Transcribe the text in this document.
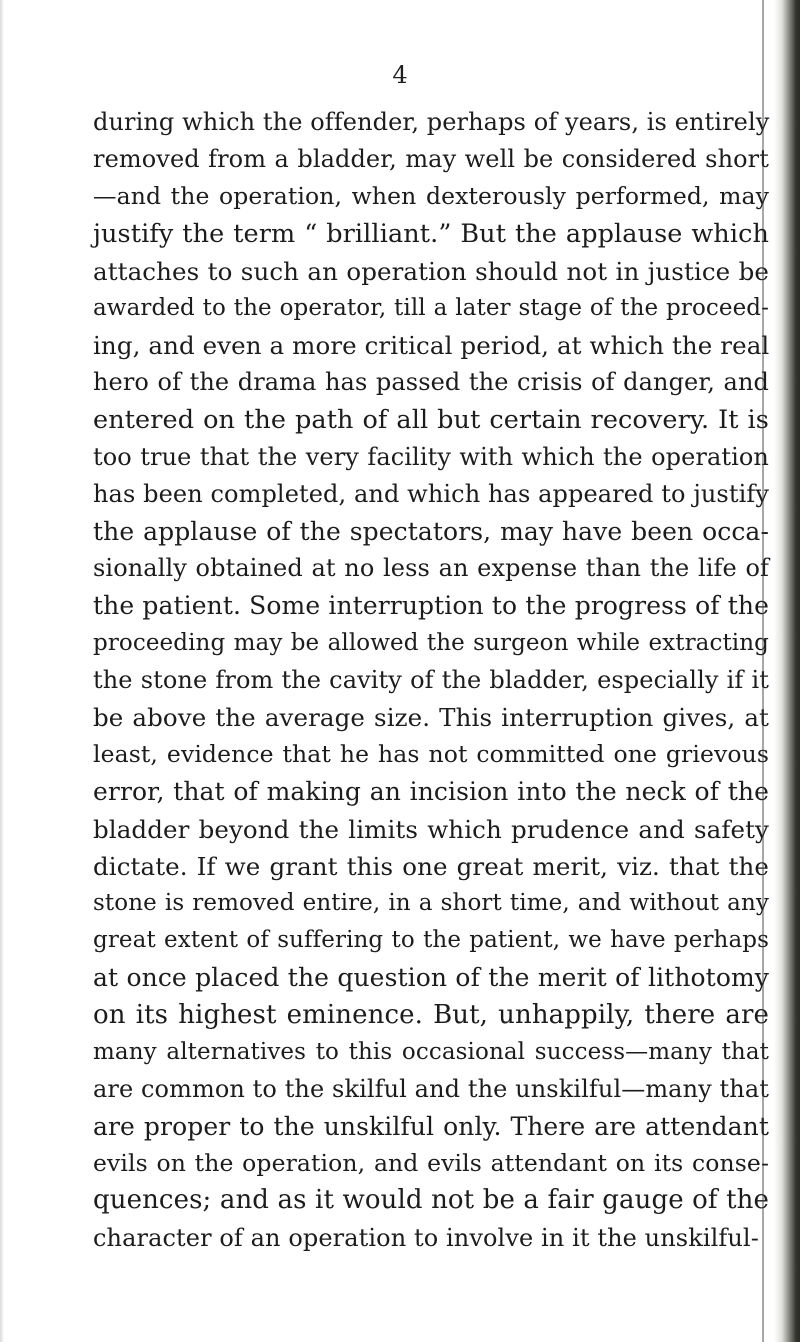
4
during which the offender, perhaps of years, is entirely
removed from a bladder, may well be considered short
—and the operation, when dexterously performed, may
justify the term “ brilliant.” But the applause which
attaches to such an operation should not in justice be
awarded to the operator, till a later stage of the proceed-
ing, and even a more critical period, at which the real
hero of the drama has passed the crisis of danger, and
entered on the path of all but certain recovery. It is
too true that the very facility with which the operation
has been completed, and which has appeared to justify
the applause of the spectators, may have been occa-
sionally obtained at no less an expense than the life of
the patient. Some interruption to the progress of the
proceeding may be allowed the surgeon while extracting
the stone from the cavity of the bladder, especially if it
be above the average size. This interruption gives, at
least, evidence that he has not committed one grievous
error, that of making an incision into the neck of the
bladder beyond the limits which prudence and safety
dictate. If we grant this one great merit, viz. that the
stone is removed entire, in a short time, and without any
great extent of suffering to the patient, we have perhaps
at once placed the question of the merit of lithotomy
on its highest eminence. But, unhappily, there are
many alternatives to this occasional success—many that
are common to the skilful and the unskilful—many that
are proper to the unskilful only. There are attendant
evils on the operation, and evils attendant on its conse-
quences; and as it would not be a fair gauge of the
character of an operation to involve in it the unskilful-
